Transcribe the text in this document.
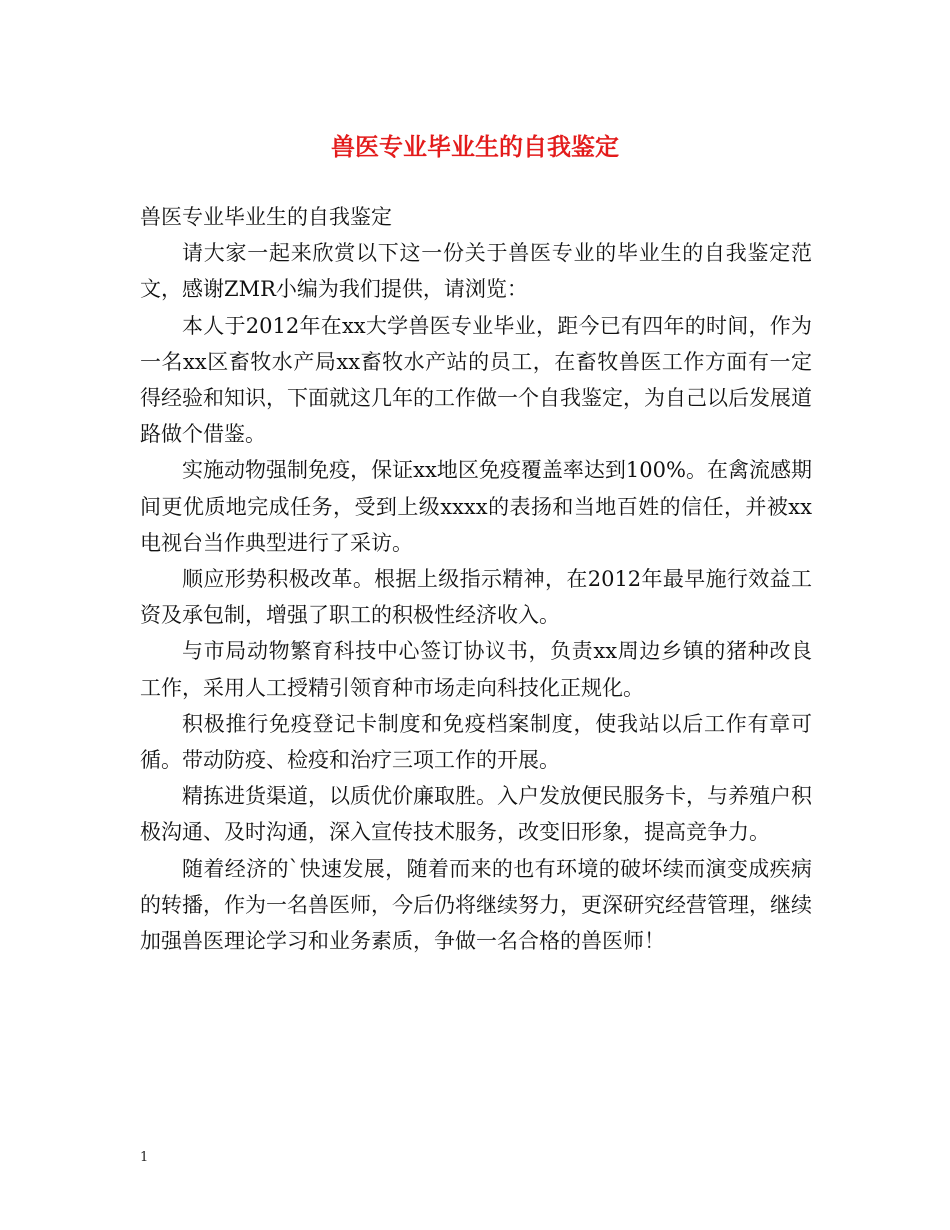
兽医专业毕业生的自我鉴定

兽医专业毕业生的自我鉴定

请大家一起来欣赏以下这一份关于兽医专业的毕业生的自我鉴定范文，感谢ZMR小编为我们提供，请浏览：

本人于2012年在xx大学兽医专业毕业，距今已有四年的时间，作为一名xx区畜牧水产局xx畜牧水产站的员工，在畜牧兽医工作方面有一定得经验和知识，下面就这几年的工作做一个自我鉴定，为自己以后发展道路做个借鉴。

实施动物强制免疫，保证xx地区免疫覆盖率达到100%。在禽流感期间更优质地完成任务，受到上级xxxx的表扬和当地百姓的信任，并被xx电视台当作典型进行了采访。

顺应形势积极改革。根据上级指示精神，在2012年最早施行效益工资及承包制，增强了职工的积极性经济收入。

与市局动物繁育科技中心签订协议书，负责xx周边乡镇的猪种改良工作，采用人工授精引领育种市场走向科技化正规化。

积极推行免疫登记卡制度和免疫档案制度，使我站以后工作有章可循。带动防疫、检疫和治疗三项工作的开展。

精拣进货渠道，以质优价廉取胜。入户发放便民服务卡，与养殖户积极沟通、及时沟通，深入宣传技术服务，改变旧形象，提高竞争力。

随着经济的`快速发展，随着而来的也有环境的破坏续而演变成疾病的转播，作为一名兽医师，今后仍将继续努力，更深研究经营管理，继续加强兽医理论学习和业务素质，争做一名合格的兽医师！

1
